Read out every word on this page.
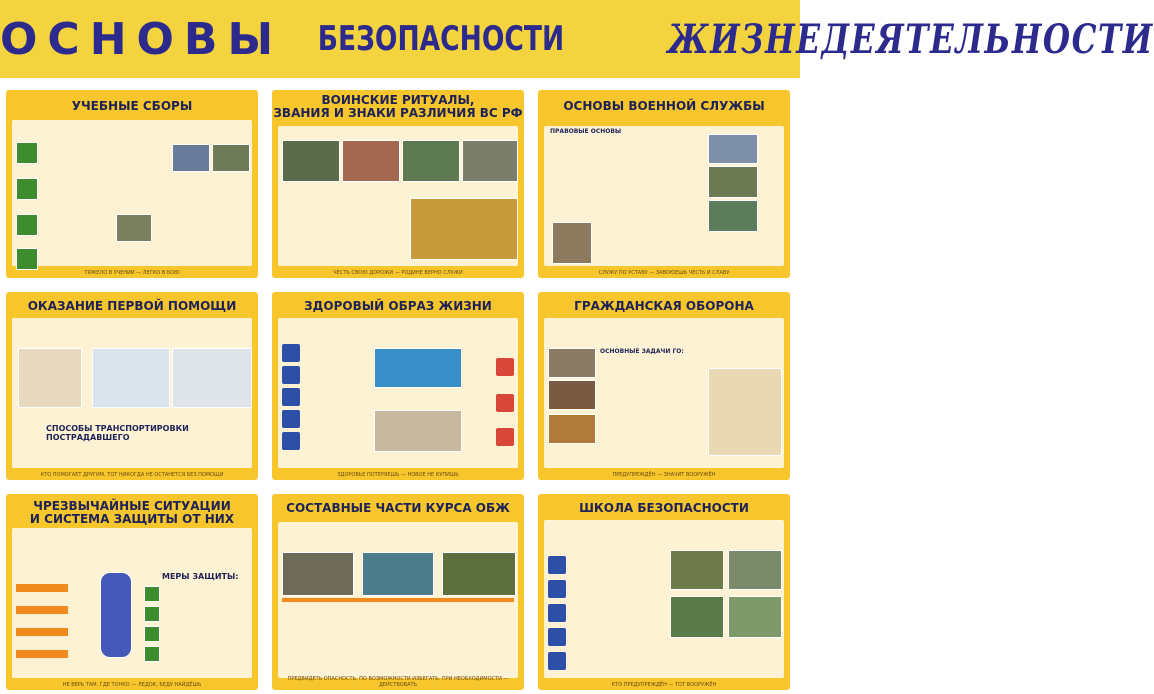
ОСНОВЫ БЕЗОПАСНОСТИ	ЖИЗНЕДЕЯТЕЛЬНОСТИ
УЧЕБНЫЕ СБОРЫ
ТЯЖЕЛО В УЧЕНИИ — ЛЕГКО В БОЮ
ВОИНСКИЕ РИТУАЛЫ,
ЗВАНИЯ И ЗНАКИ РАЗЛИЧИЯ ВС РФ
ЧЕСТЬ СВОЮ ДОРОЖИ — РОДИНЕ ВЕРНО СЛУЖИ
ОСНОВЫ ВОЕННОЙ СЛУЖБЫ
ПРАВОВЫЕ ОСНОВЫ
СЛУЖУ ПО УСТАВУ — ЗАВОЮЕШЬ ЧЕСТЬ И СЛАВУ
ОКАЗАНИЕ ПЕРВОЙ ПОМОЩИ
СПОСОБЫ ТРАНСПОРТИРОВКИ ПОСТРАДАВШЕГО
КТО ПОМОГАЕТ ДРУГИМ, ТОТ НИКОГДА НЕ ОСТАНЕТСЯ БЕЗ ПОМОЩИ
ЗДОРОВЫЙ ОБРАЗ ЖИЗНИ
ЗДОРОВЬЕ ПОТЕРЯЕШЬ — НОВОЕ НЕ КУПИШЬ
ГРАЖДАНСКАЯ ОБОРОНА
ОСНОВНЫЕ ЗАДАЧИ ГО:
ПРЕДУПРЕЖДЁН — ЗНАЧИТ ВООРУЖЁН
ЧРЕЗВЫЧАЙНЫЕ СИТУАЦИИ
И СИСТЕМА ЗАЩИТЫ ОТ НИХ
МЕРЫ ЗАЩИТЫ:
НЕ ВЕРЬ ТАМ, ГДЕ ТОНКО — ЛЕДОК, БЕДУ НАЙДЁШЬ
СОСТАВНЫЕ ЧАСТИ КУРСА ОБЖ
ПРЕДВИДЕТЬ ОПАСНОСТЬ, ПО ВОЗМОЖНОСТИ ИЗБЕГАТЬ, ПРИ НЕОБХОДИМОСТИ — ДЕЙСТВОВАТЬ
ШКОЛА БЕЗОПАСНОСТИ
КТО ПРЕДУПРЕЖДЁН — ТОТ ВООРУЖЁН
